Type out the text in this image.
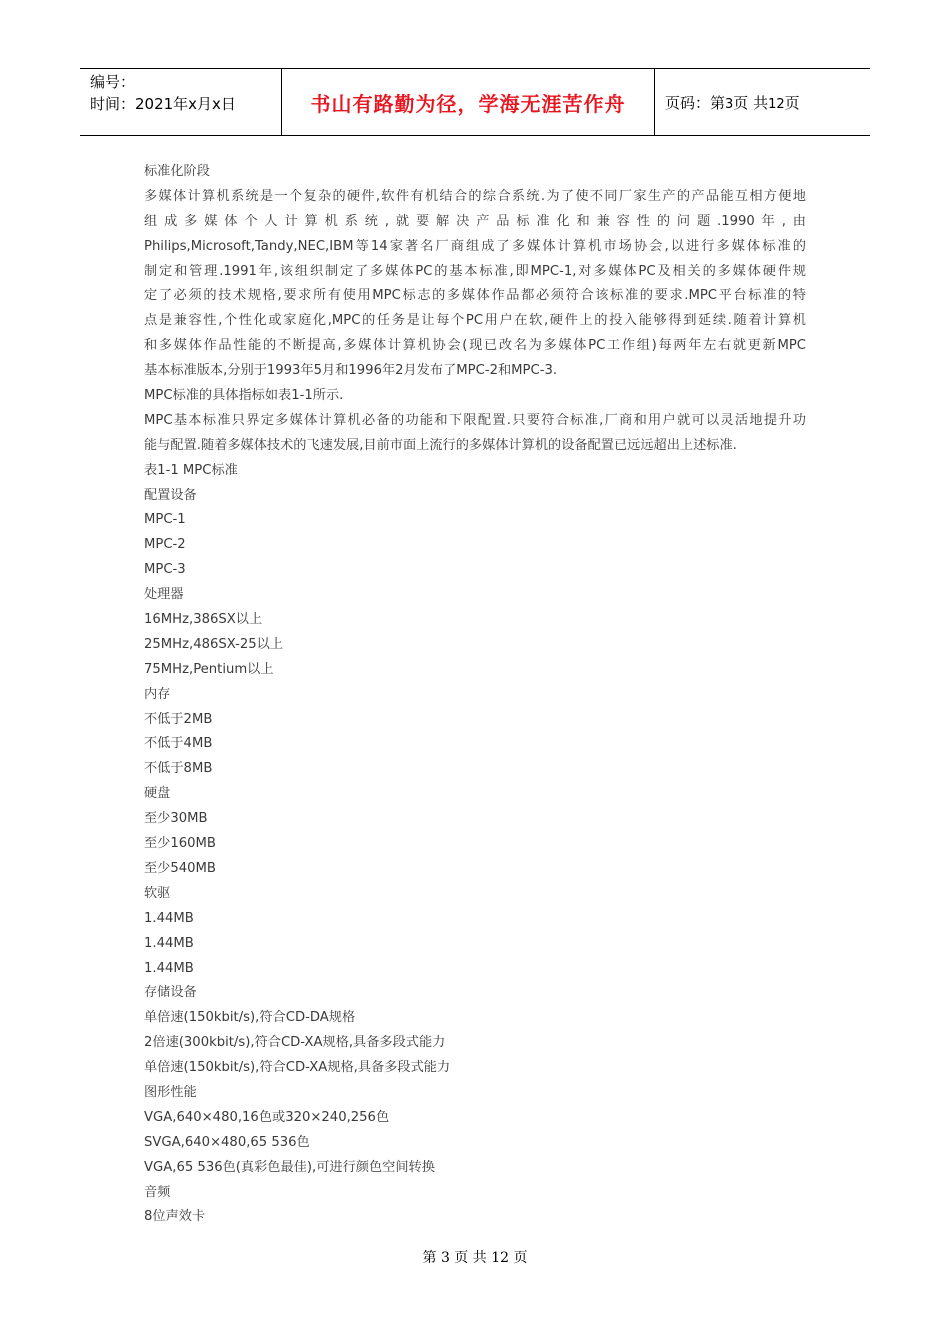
编号：
时间：2021年x月x日	书山有路勤为径，学海无涯苦作舟	页码：第3页 共12页
标准化阶段
多媒体计算机系统是一个复杂的硬件,软件有机结合的综合系统.为了使不同厂家生产的产品能互相方便地
组成多媒体个人计算机系统,就要解决产品标准化和兼容性的问题.1990年,由
Philips,Microsoft,Tandy,NEC,IBM等14家著名厂商组成了多媒体计算机市场协会,以进行多媒体标准的
制定和管理.1991年,该组织制定了多媒体PC的基本标准,即MPC-1,对多媒体PC及相关的多媒体硬件规
定了必须的技术规格,要求所有使用MPC标志的多媒体作品都必须符合该标准的要求.MPC平台标准的特
点是兼容性,个性化或家庭化,MPC的任务是让每个PC用户在软,硬件上的投入能够得到延续.随着计算机
和多媒体作品性能的不断提高,多媒体计算机协会(现已改名为多媒体PC工作组)每两年左右就更新MPC
基本标准版本,分别于1993年5月和1996年2月发布了MPC-2和MPC-3.
MPC标准的具体指标如表1-1所示.
MPC基本标准只界定多媒体计算机必备的功能和下限配置.只要符合标准,厂商和用户就可以灵活地提升功
能与配置.随着多媒体技术的飞速发展,目前市面上流行的多媒体计算机的设备配置已远远超出上述标准.
表1-1 MPC标准
配置设备
MPC-1
MPC-2
MPC-3
处理器
16MHz,386SX以上
25MHz,486SX-25以上
75MHz,Pentium以上
内存
不低于2MB
不低于4MB
不低于8MB
硬盘
至少30MB
至少160MB
至少540MB
软驱
1.44MB
1.44MB
1.44MB
存储设备
单倍速(150kbit/s),符合CD-DA规格
2倍速(300kbit/s),符合CD-XA规格,具备多段式能力
单倍速(150kbit/s),符合CD-XA规格,具备多段式能力
图形性能
VGA,640×480,16色或320×240,256色
SVGA,640×480,65 536色
VGA,65 536色(真彩色最佳),可进行颜色空间转换
音频
8位声效卡
第 3 页 共 12 页
